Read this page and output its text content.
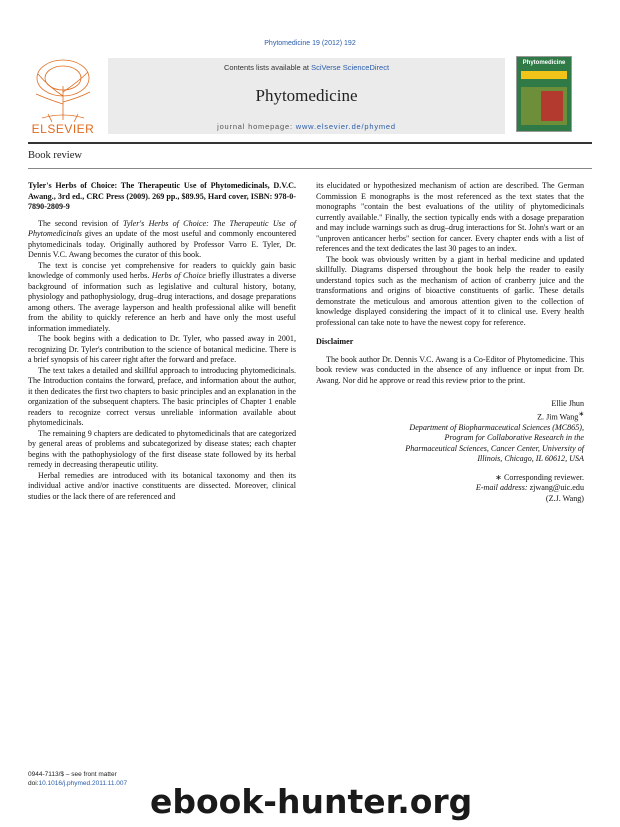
Phytomedicine 19 (2012) 192
ELSEVIER
Contents lists available at SciVerse ScienceDirect
Phytomedicine
journal homepage: www.elsevier.de/phymed
Phytomedicine
Book review

Tyler's Herbs of Choice: The Therapeutic Use of Phytomedicinals, D.V.C. Awang., 3rd ed., CRC Press (2009). 269 pp., $89.95, Hard cover, ISBN: 978-0-7890-2809-9

The second revision of Tyler's Herbs of Choice: The Therapeutic Use of Phytomedicinals gives an update of the most useful and commonly encountered phytomedicinals today. Originally authored by Professor Varro E. Tyler, Dr. Dennis V.C. Awang becomes the curator of this book.

The text is concise yet comprehensive for readers to quickly gain basic knowledge of commonly used herbs. Herbs of Choice briefly illustrates a diverse background of information such as legislative and cultural history, botany, physiology and pathophysiology, drug–drug interactions, and dosage preparations among others. The average layperson and health professional alike will benefit from the ability to quickly reference an herb and have only the most useful information immediately.

The book begins with a dedication to Dr. Tyler, who passed away in 2001, recognizing Dr. Tyler's contribution to the science of botanical medicine. There is a brief synopsis of his career right after the forward and preface.

The text takes a detailed and skillful approach to introducing phytomedicinals. The Introduction contains the forward, preface, and information about the author, it then dedicates the first two chapters to basic principles and an explanation in the organization of the subsequent chapters. The basic principles of Chapter 1 enable readers to recognize correct versus unreliable information available about phytomedicinals.

The remaining 9 chapters are dedicated to phytomedicinals that are categorized by general areas of problems and subcategorized by disease states; each chapter begins with the pathophysiology of the first disease state followed by its herbal remedy in decreasing therapeutic utility.

Herbal remedies are introduced with its botanical taxonomy and then its individual active and/or inactive constituents are dissected. Moreover, clinical studies or the lack there of are referenced and

its elucidated or hypothesized mechanism of action are described. The German Commission E monographs is the most referenced as the text states that the monographs "contain the best evaluations of the utility of phytomedicinals currently available." Finally, the section typically ends with a dosage preparation and may include warnings such as drug–drug interactions for St. John's wart or an "unproven anticancer herbs" section for cancer. Every chapter ends with a list of references and the text dedicates the last 30 pages to an index.

The book was obviously written by a giant in herbal medicine and updated skillfully. Diagrams dispersed throughout the book help the reader to easily understand topics such as the mechanism of action of cranberry juice and the transformations and origins of bioactive constituents of garlic. These details demonstrate the meticulous and amorous attention given to the collection of knowledge displayed considering the impact of it to clinical use. Every health professional can take note to have the newest copy for reference.

Disclaimer

The book author Dr. Dennis V.C. Awang is a Co-Editor of Phytomedicine. This book review was conducted in the absence of any influence or input from Dr. Awang. Nor did he approve or read this review prior to the print.

Ellie Jhun

Z. Jim Wang∗

Department of Biopharmaceutical Sciences (MC865),

Program for Collaborative Research in the

Pharmaceutical Sciences, Cancer Center, University of

Illinois, Chicago, IL 60612, USA

∗ Corresponding reviewer.

E-mail address: zjwang@uic.edu

(Z.J. Wang)

0944-7113/$ – see front matter
doi:10.1016/j.phymed.2011.11.007 ebook-hunter.org
